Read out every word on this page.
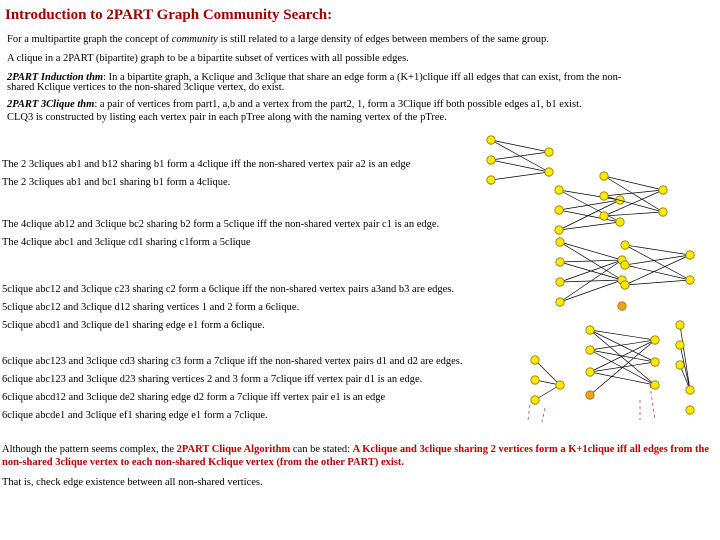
Introduction to 2PART Graph Community Search:
For a multipartite graph the concept of community is still related to a large density of edges between members of the same group.
A clique in a 2PART (bipartite) graph to be a bipartite subset of vertices with all possible edges.
2PART Induction thm: In a bipartite graph, a Kclique and 3clique that share an edge form a (K+1)clique iff all edges that can exist, from the non-
shared Kclique vertices to the non-shared 3clique vertex, do exist.
2PART 3Clique thm: a pair of vertices from part1, a,b and a vertex from the part2, 1, form a 3Clique iff both possible edges a1, b1 exist.
CLQ3 is constructed by listing each vertex pair in each pTree along with the naming vertex of the pTree.
The 2 3cliques ab1 and b12 sharing b1 form a 4clique iff the non-shared vertex pair a2 is an edge
The 2 3cliques ab1 and bc1 sharing b1 form a 4clique.
The 4clique ab12 and 3clique bc2 sharing b2 form a 5clique iff the non-shared vertex pair c1 is an edge.
The 4clique abc1 and 3clique cd1 sharing c1form a 5clique
5clique abc12 and 3clique c23 sharing c2 form a 6clique iff the non-shared vertex pairs a3and b3 are edges.
5clique abc12 and 3clique d12 sharing vertices 1 and 2 form a 6clique.
5clique abcd1 and 3clique de1 sharing edge e1 form a 6clique.
6clique abc123 and 3clique cd3 sharing c3 form a 7clique iff the non-shared vertex pairs d1 and d2 are edges.
6clique abc123 and 3clique d23 sharing vertices 2 and 3 form a 7clique iff vertex pair d1 is an edge.
6clique abcd12 and 3clique de2 sharing edge d2 form a 7clique iff vertex pair e1 is an edge
6clique abcde1 and 3clique ef1 sharing edge e1 form a 7clique.
Although the pattern seems complex, the 2PART Clique Algorithm can be stated: A Kclique and 3clique sharing 2 vertices form a K+1clique iff all edges from the non-shared 3clique vertex to each non-shared Kclique vertex (from the other PART) exist.
That is, check edge existence between all non-shared vertices.
